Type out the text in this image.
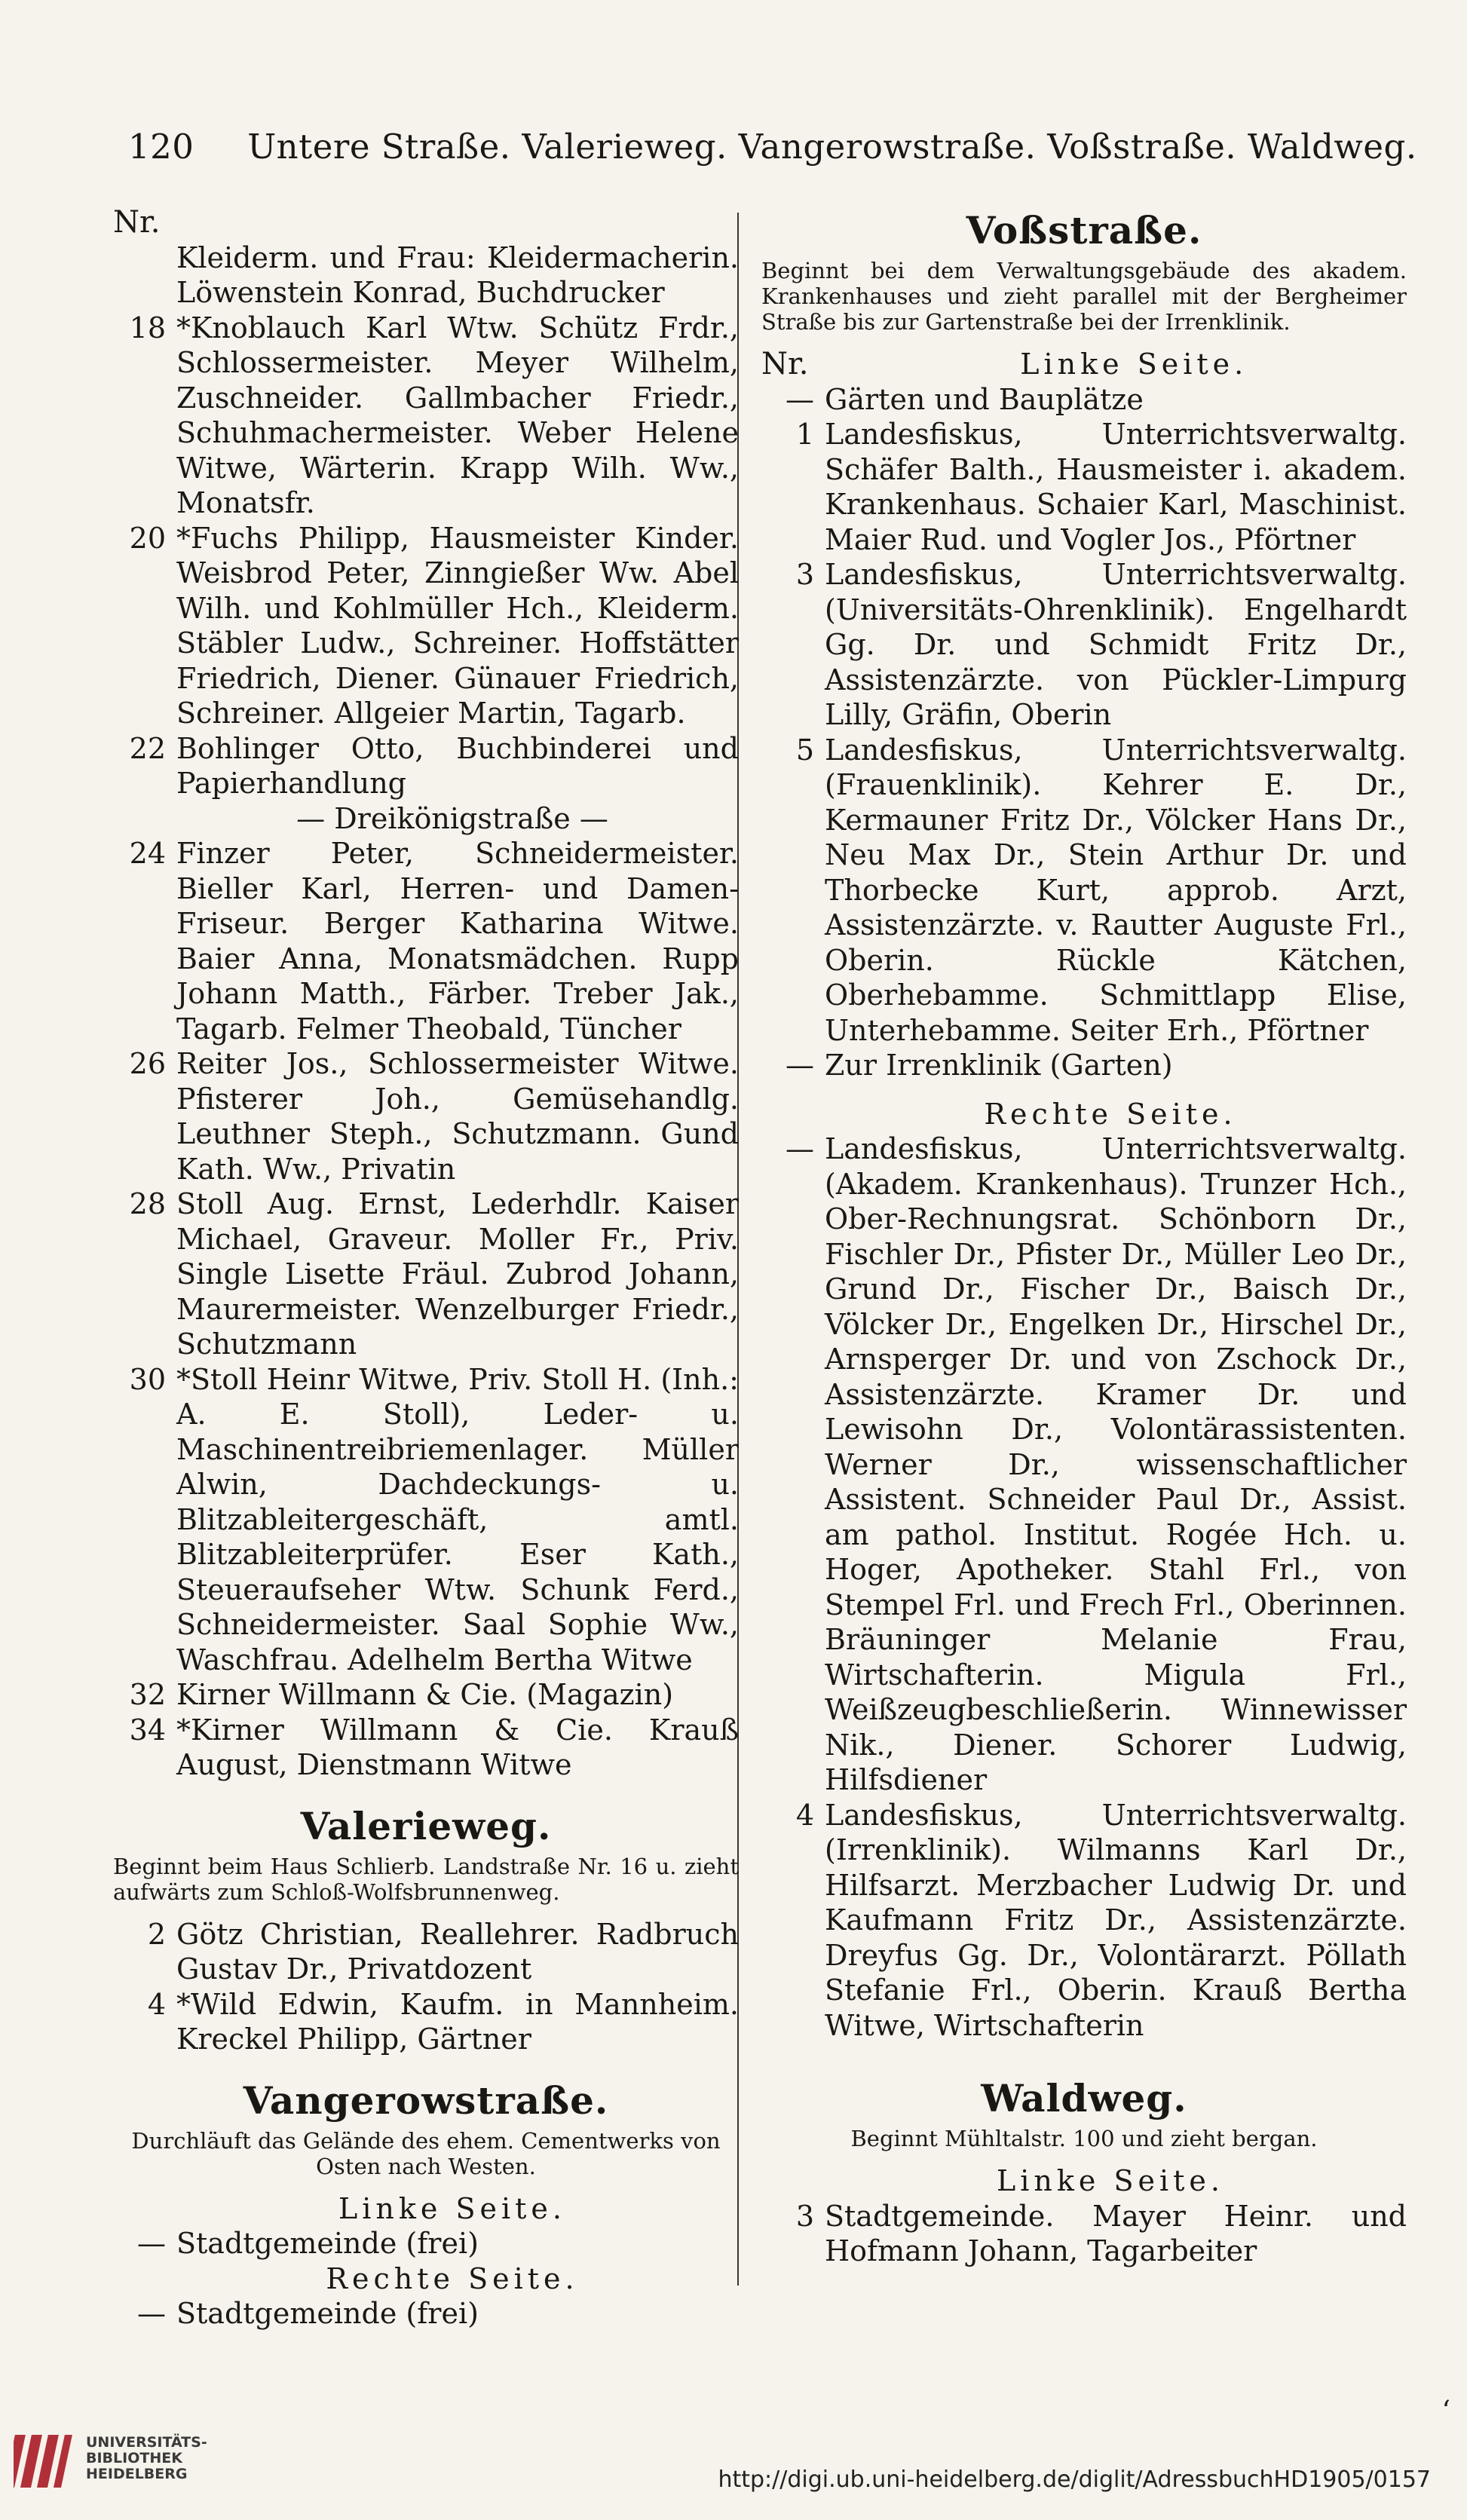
120 Untere Straße. Valerieweg. Vangerowstraße. Voßstraße. Waldweg.
Nr.
Kleiderm. und Frau: Kleidermacherin. Löwenstein Konrad, Buchdrucker
18 *Knoblauch Karl Wtw. Schütz Frdr., Schlossermeister. Meyer Wilhelm, Zuschneider. Gallmbacher Friedr., Schuhmachermeister. Weber Helene Witwe, Wärterin. Krapp Wilh. Ww., Monatsfr.
20 *Fuchs Philipp, Hausmeister Kinder. Weisbrod Peter, Zinngießer Ww. Abel Wilh. und Kohlmüller Hch., Kleiderm. Stäbler Ludw., Schreiner. Hoffstätter Friedrich, Diener. Günauer Friedrich, Schreiner. Allgeier Martin, Tagarb.
22 Bohlinger Otto, Buchbinderei und Papierhandlung
— Dreikönigstraße —
24 Finzer Peter, Schneidermeister. Bieller Karl, Herren- und Damen-Friseur. Berger Katharina Witwe. Baier Anna, Monatsmädchen. Rupp Johann Matth., Färber. Treber Jak., Tagarb. Felmer Theobald, Tüncher
26 Reiter Jos., Schlossermeister Witwe. Pfisterer Joh., Gemüsehandlg. Leuthner Steph., Schutzmann. Gund Kath. Ww., Privatin
28 Stoll Aug. Ernst, Lederhdlr. Kaiser Michael, Graveur. Moller Fr., Priv. Single Lisette Fräul. Zubrod Johann, Maurermeister. Wenzelburger Friedr., Schutzmann
30 *Stoll Heinr Witwe, Priv. Stoll H. (Inh.: A. E. Stoll), Leder- u. Maschinentreibriemenlager. Müller Alwin, Dachdeckungs- u. Blitzableitergeschäft, amtl. Blitzableiterprüfer. Eser Kath., Steueraufseher Wtw. Schunk Ferd., Schneidermeister. Saal Sophie Ww., Waschfrau. Adelhelm Bertha Witwe
32 Kirner Willmann & Cie. (Magazin)
34 *Kirner Willmann & Cie. Krauß August, Dienstmann Witwe
Valerieweg.
Beginnt beim Haus Schlierb. Landstraße Nr. 16 u. zieht aufwärts zum Schloß-Wolfsbrunnenweg.
2 Götz Christian, Reallehrer. Radbruch Gustav Dr., Privatdozent
4 *Wild Edwin, Kaufm. in Mannheim. Kreckel Philipp, Gärtner
Vangerowstraße.
Durchläuft das Gelände des ehem. Cementwerks von Osten nach Westen.
Linke Seite.
— Stadtgemeinde (frei)
Rechte Seite.
— Stadtgemeinde (frei)
Voßstraße.
Beginnt bei dem Verwaltungsgebäude des akadem. Krankenhauses und zieht parallel mit der Bergheimer Straße bis zur Gartenstraße bei der Irrenklinik.
Nr.	Linke Seite.
— Gärten und Bauplätze
1 Landesfiskus, Unterrichtsverwaltg. Schäfer Balth., Hausmeister i. akadem. Krankenhaus. Schaier Karl, Maschinist. Maier Rud. und Vogler Jos., Pförtner
3 Landesfiskus, Unterrichtsverwaltg. (Universitäts-Ohrenklinik). Engelhardt Gg. Dr. und Schmidt Fritz Dr., Assistenzärzte. von Pückler-Limpurg Lilly, Gräfin, Oberin
5 Landesfiskus, Unterrichtsverwaltg. (Frauenklinik). Kehrer E. Dr., Kermauner Fritz Dr., Völcker Hans Dr., Neu Max Dr., Stein Arthur Dr. und Thorbecke Kurt, approb. Arzt, Assistenzärzte. v. Rautter Auguste Frl., Oberin. Rückle Kätchen, Oberhebamme. Schmittlapp Elise, Unterhebamme. Seiter Erh., Pförtner
— Zur Irrenklinik (Garten)
Rechte Seite.
— Landesfiskus, Unterrichtsverwaltg. (Akadem. Krankenhaus). Trunzer Hch., Ober-Rechnungsrat. Schönborn Dr., Fischler Dr., Pfister Dr., Müller Leo Dr., Grund Dr., Fischer Dr., Baisch Dr., Völcker Dr., Engelken Dr., Hirschel Dr., Arnsperger Dr. und von Zschock Dr., Assistenzärzte. Kramer Dr. und Lewisohn Dr., Volontärassistenten. Werner Dr., wissenschaftlicher Assistent. Schneider Paul Dr., Assist. am pathol. Institut. Rogée Hch. u. Hoger, Apotheker. Stahl Frl., von Stempel Frl. und Frech Frl., Oberinnen. Bräuninger Melanie Frau, Wirtschafterin. Migula Frl., Weißzeugbeschließerin. Winnewisser Nik., Diener. Schorer Ludwig, Hilfsdiener
4 Landesfiskus, Unterrichtsverwaltg. (Irrenklinik). Wilmanns Karl Dr., Hilfsarzt. Merzbacher Ludwig Dr. und Kaufmann Fritz Dr., Assistenzärzte. Dreyfus Gg. Dr., Volontärarzt. Pöllath Stefanie Frl., Oberin. Krauß Bertha Witwe, Wirtschafterin
Waldweg.
Beginnt Mühltalstr. 100 und zieht bergan.
Linke Seite.
3 Stadtgemeinde. Mayer Heinr. und Hofmann Johann, Tagarbeiter
‘
UNIVERSITÄTS-
BIBLIOTHEK
HEIDELBERG	http://digi.ub.uni-heidelberg.de/diglit/AdressbuchHD1905/0157
